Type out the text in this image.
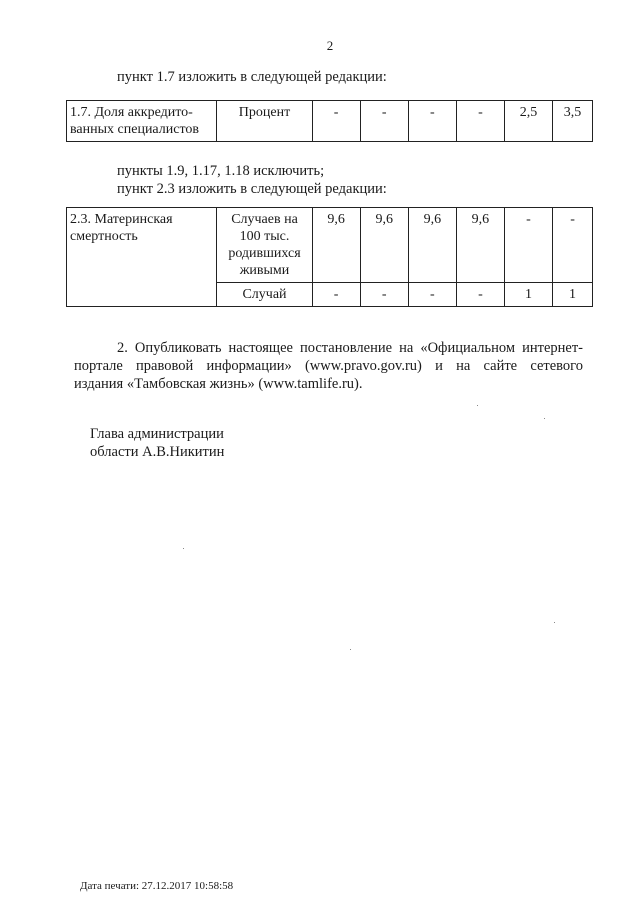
2
пункт 1.7 изложить в следующей редакции:
1.7. Доля аккредито-
ванных специалистов	Процент	-	-	-	-	2,5	3,5
пункты 1.9, 1.17, 1.18 исключить;
пункт 2.3 изложить в следующей редакции:
2.3. Материнская
смертность	Случаев на
100 тыс.
родившихся
живыми	9,6	9,6	9,6	9,6	-	-
	Случай	-	-	-	-	1	1
2. Опубликовать настоящее постановление на «Официальном интернет-
портале правовой информации» (www.pravo.gov.ru) и на сайте сетевого
издания «Тамбовская жизнь» (www.tamlife.ru).
Глава администрации
области А.В.Никитин
Дата печати: 27.12.2017 10:58:58
